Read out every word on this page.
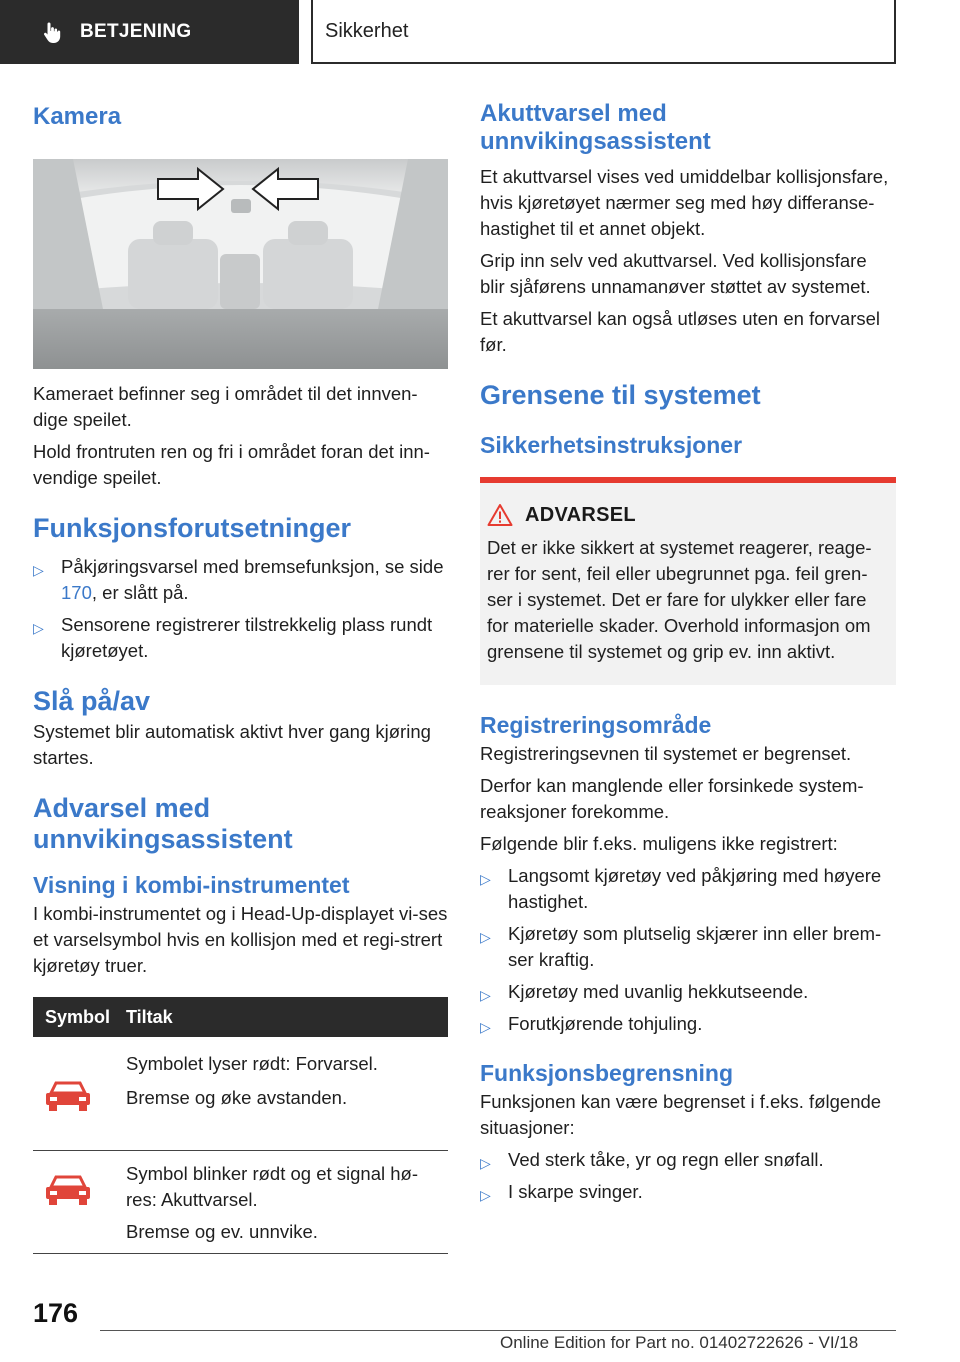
BETJENING	Sikkerhet
Kamera

Kameraet befinner seg i området til det innven-dige speilet.

Hold frontruten ren og fri i området foran det inn-vendige speilet.

Funksjonsforutsetninger
▷ Påkjøringsvarsel med bremsefunksjon, se side 170, er slått på.
▷ Sensorene registrerer tilstrekkelig plass rundt kjøretøyet.
Slå på/av

Systemet blir automatisk aktivt hver gang kjøring startes.

Advarsel med unnvikingsassistent
Visning i kombi-instrumentet

I kombi-instrumentet og i Head-Up-displayet vi-ses et varselsymbol hvis en kollisjon med et regi-strert kjøretøy truer.

Symbol	Tiltak

Symbolet lyser rødt: Forvarsel.

Bremse og øke avstanden.

Symbol blinker rødt og et signal hø-res: Akuttvarsel.

Bremse og ev. unnvike.

Akuttvarsel med unnvikingsassistent

Et akuttvarsel vises ved umiddelbar kollisjonsfare, hvis kjøretøyet nærmer seg med høy differanse-hastighet til et annet objekt.

Grip inn selv ved akuttvarsel. Ved kollisjonsfare blir sjåførens unnamanøver støttet av systemet.

Et akuttvarsel kan også utløses uten en forvarsel før.

Grensene til systemet
Sikkerhetsinstruksjoner
ADVARSEL

Det er ikke sikkert at systemet reagerer, reage-rer for sent, feil eller ubegrunnet pga. feil gren-ser i systemet. Det er fare for ulykker eller fare for materielle skader. Overhold informasjon om grensene til systemet og grip ev. inn aktivt.

Registreringsområde

Registreringsevnen til systemet er begrenset.

Derfor kan manglende eller forsinkede system-reaksjoner forekomme.

Følgende blir f.eks. muligens ikke registrert:

▷ Langsomt kjøretøy ved påkjøring med høyere hastighet.
▷ Kjøretøy som plutselig skjærer inn eller brem-ser kraftig.
▷ Kjøretøy med uvanlig hekkutseende.
▷ Forutkjørende tohjuling.
Funksjonsbegrensning

Funksjonen kan være begrenset i f.eks. følgende situasjoner:

▷ Ved sterk tåke, yr og regn eller snøfall.
▷ I skarpe svinger.
176
Online Edition for Part no. 01402722626 - VI/18
